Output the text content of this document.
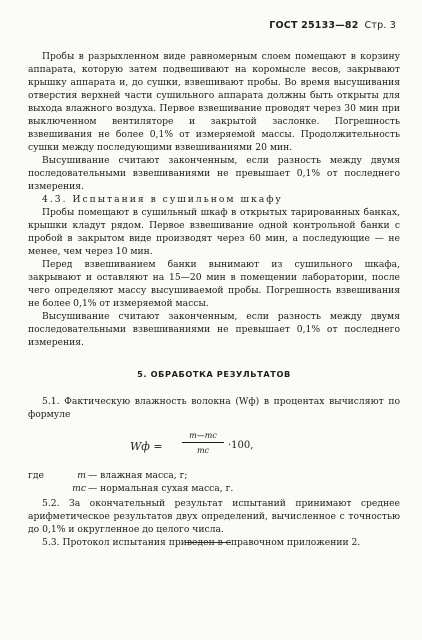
ГОСТ 25133—82 Стр. 3

Пробы в разрыхленном виде равномерным слоем помещают в корзину аппарата, которую затем подвешивают на коромысле весов, закрывают крышку аппарата и, до сушки, взвешивают пробы. Во время высушивания отверстия верхней части сушильного аппарата должны быть открыты для выхода влажного воздуха. Первое взвешивание проводят через 30 мин при выключенном вентиляторе и закрытой заслонке. Погрешность взвешивания не более 0,1% от измеряемой массы. Продолжительность сушки между последующими взвешиваниями 20 мин.

Высушивание считают законченным, если разность между двумя последовательными взвешиваниями не превышает 0,1% от последнего измерения.

4.3. Испытания в сушильном шкафу

Пробы помещают в сушильный шкаф в открытых тарированных банках, крышки кладут рядом. Первое взвешивание одной контрольной банки с пробой в закрытом виде производят через 60 мин, а последующие — не менее, чем через 10 мин.

Перед взвешиванием банки вынимают из сушильного шкафа, закрывают и оставляют на 15—20 мин в помещении лаборатории, после чего определяют массу высушиваемой пробы. Погрешность взвешивания не более 0,1% от измеряемой массы.

Высушивание считают законченным, если разность между двумя последовательными взвешиваниями не превышает 0,1% от последнего измерения.

5. ОБРАБОТКА РЕЗУЛЬТАТОВ

5.1. Фактическую влажность волокна (Wф) в процентах вычисляют по формуле

Wф = $\frac{m—mc}{mc} \cdot 100$,
где	m — влажная масса, г;
mc — нормальная сухая масса, г.

5.2. За окончательный результат испытаний принимают среднее арифметическое результатов двух определений, вычисленное с точностью до 0,1% и округленное до целого числа.

5.3. Протокол испытания приведен в справочном приложении 2.
